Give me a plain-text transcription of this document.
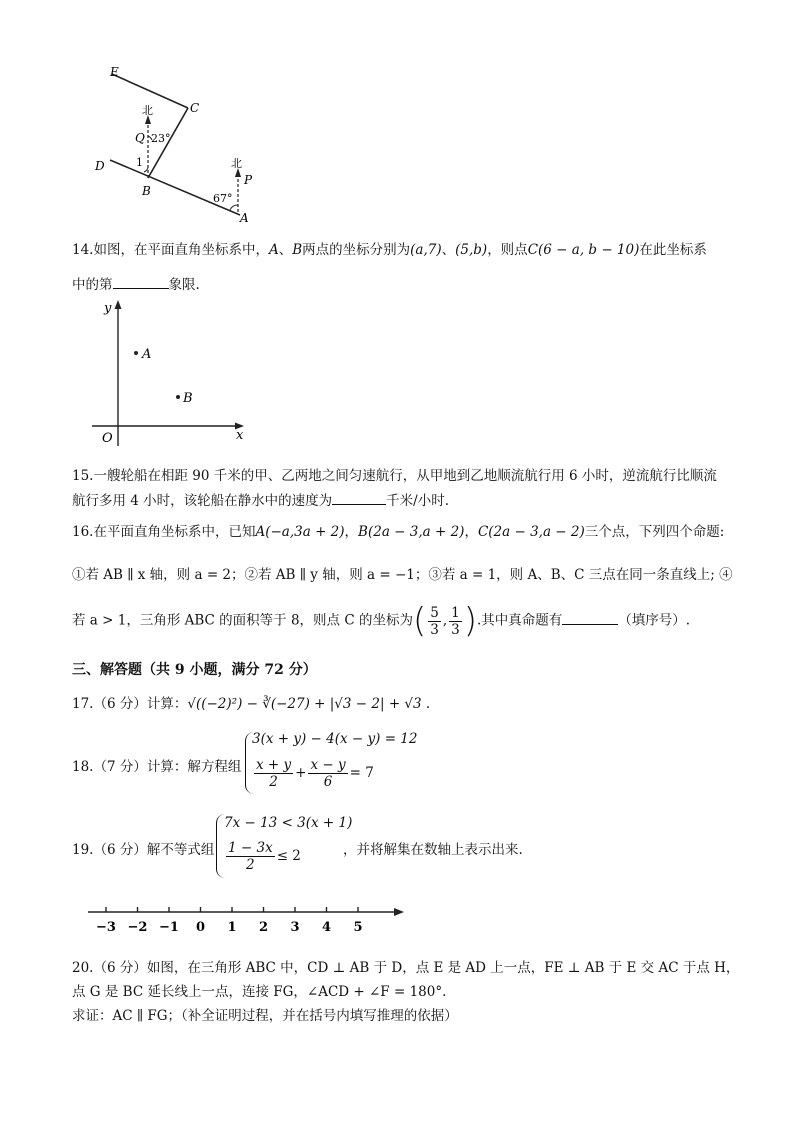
E
C
D
B
A
Q
P
北
北
23°
67°
1
14.如图，在平面直角坐标系中，A、B两点的坐标分别为(a,7)、(5,b)，则点C(6 − a, b − 10)在此坐标系
中的第	象限.
y
x
O
A
B
15.一艘轮船在相距 90 千米的甲、乙两地之间匀速航行，从甲地到乙地顺流航行用 6 小时，逆流航行比顺流
航行多用 4 小时，该轮船在静水中的速度为	千米/小时.
16.在平面直角坐标系中，已知A(−a,3a + 2)，B(2a − 3,a + 2)，C(2a − 3,a − 2)三个点，下列四个命题:
①若 AB ∥ x 轴，则 a = 2；②若 AB ∥ y 轴，则 a = −1；③若 a = 1，则 A、B、C 三点在同一条直线上; ④
若 a > 1，三角形 ABC 的面积等于 8，则点 C 的坐标为( $\frac{5}{3}$ , $\frac{1}{3}$ ).其中真命题有	（填序号）.
三、解答题（共 9 小题，满分 72 分）
17.（6 分）计算：√((−2)²) − ∛(−27) + |√3 − 2| + √3 .
18.（7 分）计算：解方程组
3(x + y) − 4(x − y) = 12
$\frac{x + y}{2} + \frac{x - y}{6} = 7$
19.（6 分）解不等式组
7x − 13 < 3(x + 1)
$\frac{1 - 3x}{2} \le 2$	，并将解集在数轴上表示出来.
−3 −2 −1 0 1 2 3 4 5
20.（6 分）如图，在三角形 ABC 中，CD ⊥ AB 于 D，点 E 是 AD 上一点，FE ⊥ AB 于 E 交 AC 于点 H，
点 G 是 BC 延长线上一点，连接 FG，∠ACD + ∠F = 180°.
求证：AC ∥ FG；（补全证明过程，并在括号内填写推理的依据）
